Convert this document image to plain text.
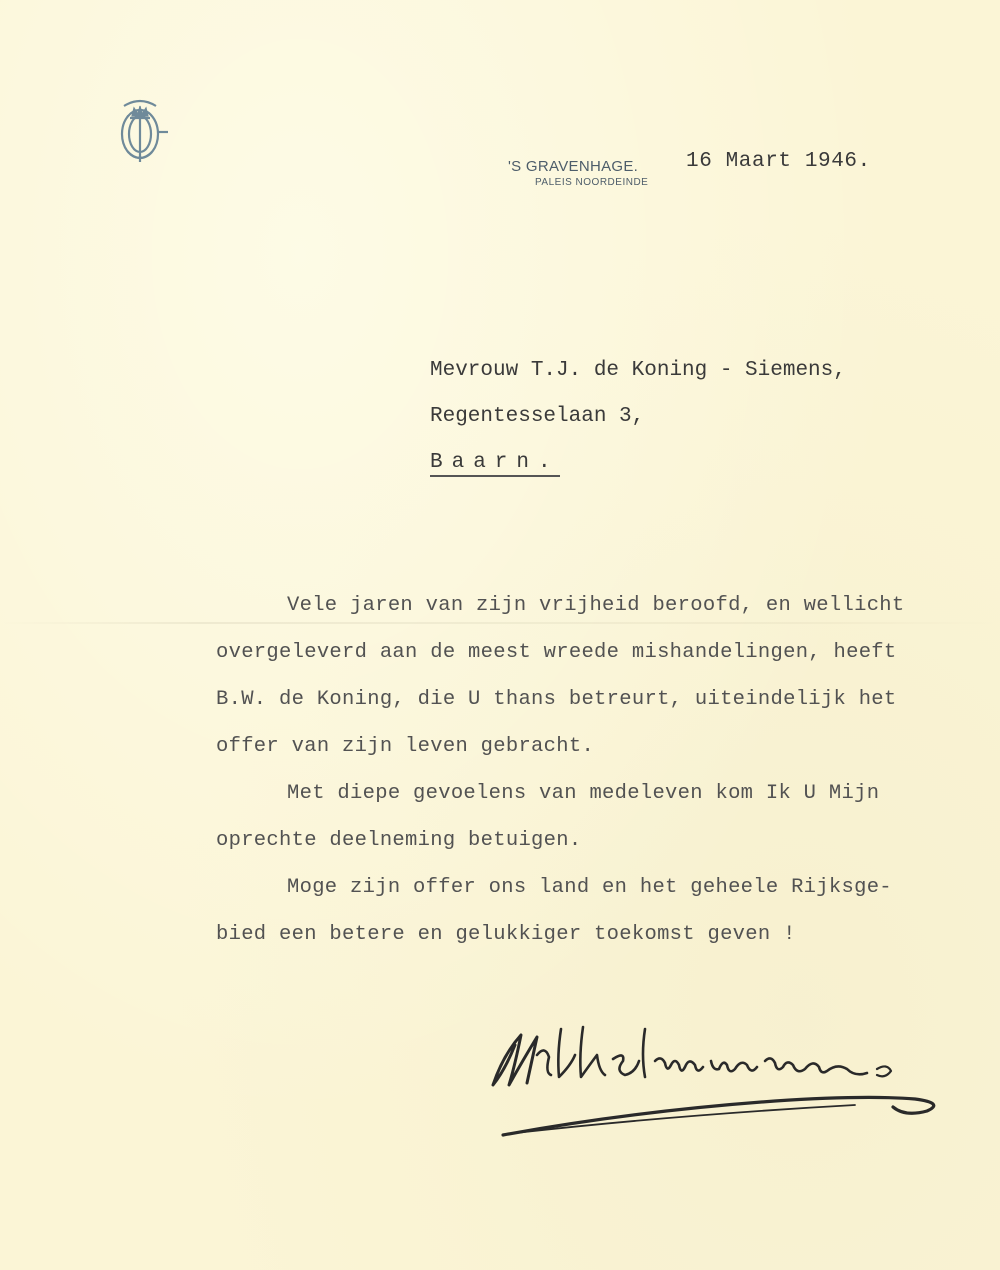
'S GRAVENHAGE.
PALEIS NOORDEINDE
16 Maart 1946.
Mevrouw T.J. de Koning - Siemens,
Regentesselaan 3,
Baarn.
Vele jaren van zijn vrijheid beroofd, en wellicht
overgeleverd aan de meest wreede mishandelingen, heeft
B.W. de Koning, die U thans betreurt, uiteindelijk het
offer van zijn leven gebracht.
Met diepe gevoelens van medeleven kom Ik U Mijn
oprechte deelneming betuigen.
Moge zijn offer ons land en het geheele Rijksge-
bied een betere en gelukkiger toekomst geven !
